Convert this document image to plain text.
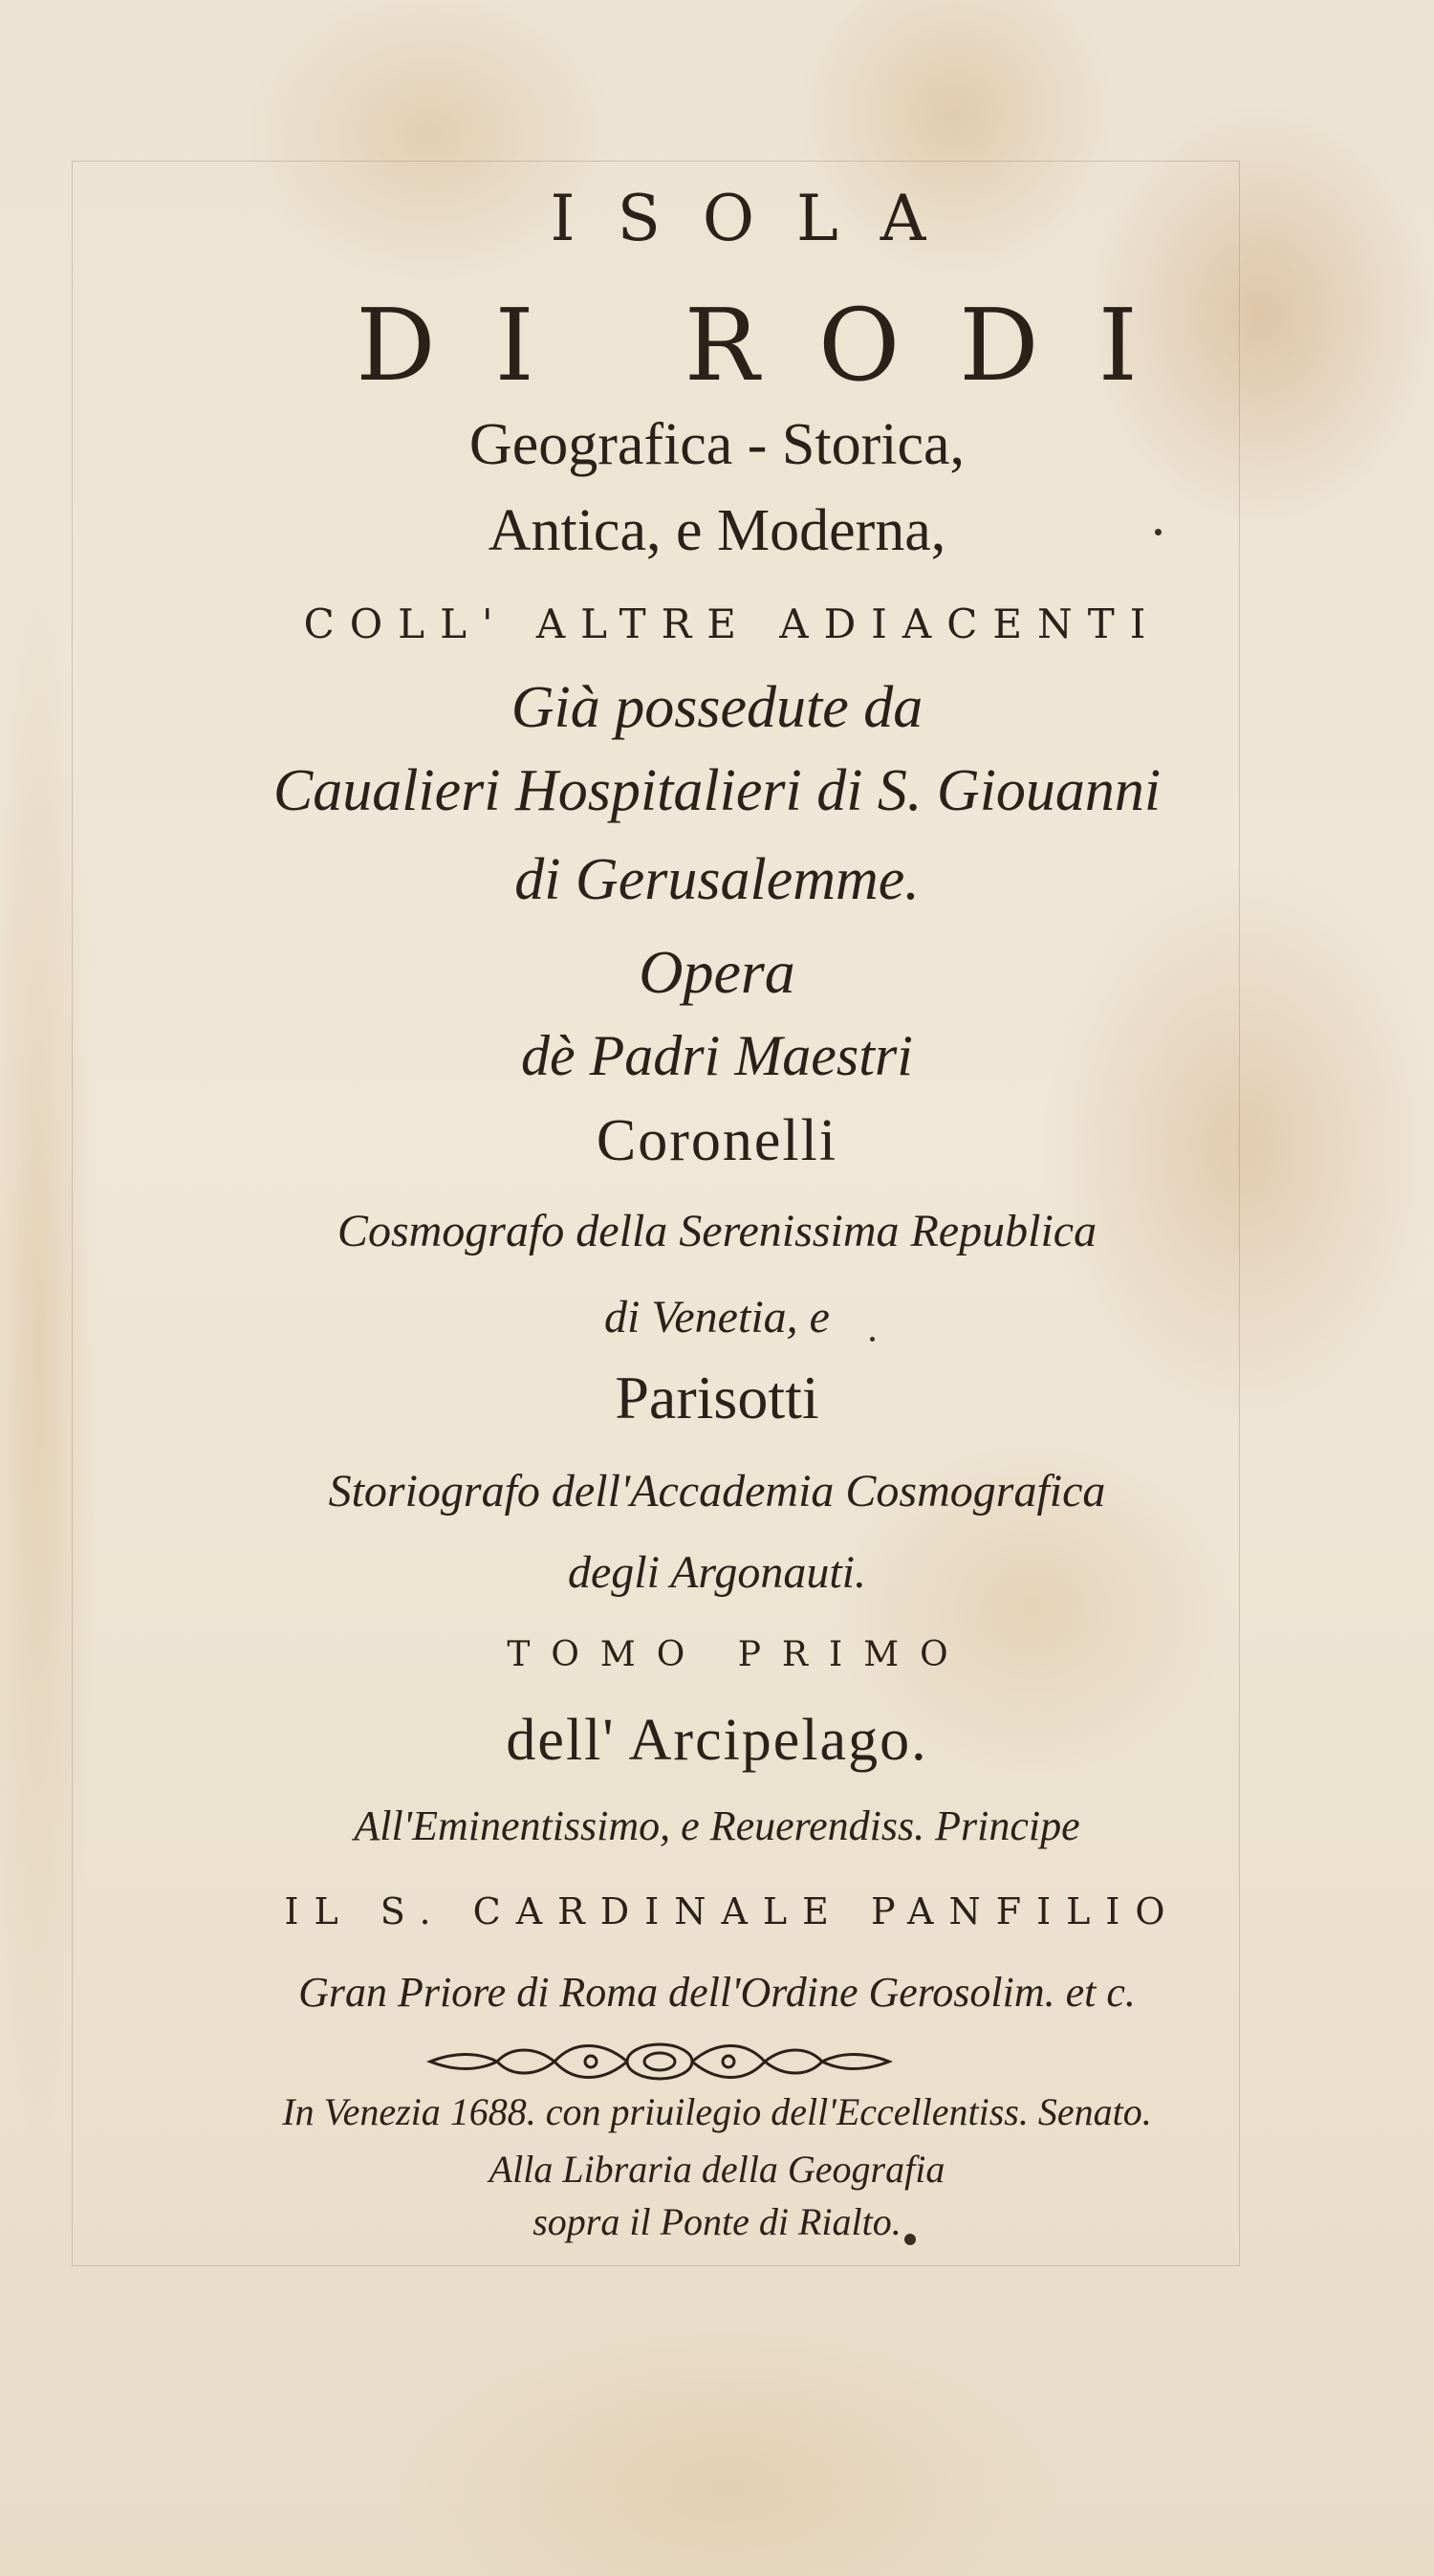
ISOLA
DI RODI
Geografica - Storica,
Antica, e Moderna,
COLL' ALTRE ADIACENTI
Già possedute da
Caualieri Hospitalieri di S. Giouanni
di Gerusalemme.
Opera
dè Padri Maestri
Coronelli
Cosmografo della Serenissima Republica
di Venetia, e
Parisotti
Storiografo dell'Accademia Cosmografica
degli Argonauti.
TOMO PRIMO
dell' Arcipelago.
All'Eminentissimo, e Reuerendiss. Principe
IL S. CARDINALE PANFILIO
Gran Priore di Roma dell'Ordine Gerosolim. et c.
In Venezia 1688. con priuilegio dell'Eccellentiss. Senato.
Alla Libraria della Geografia
sopra il Ponte di Rialto.
